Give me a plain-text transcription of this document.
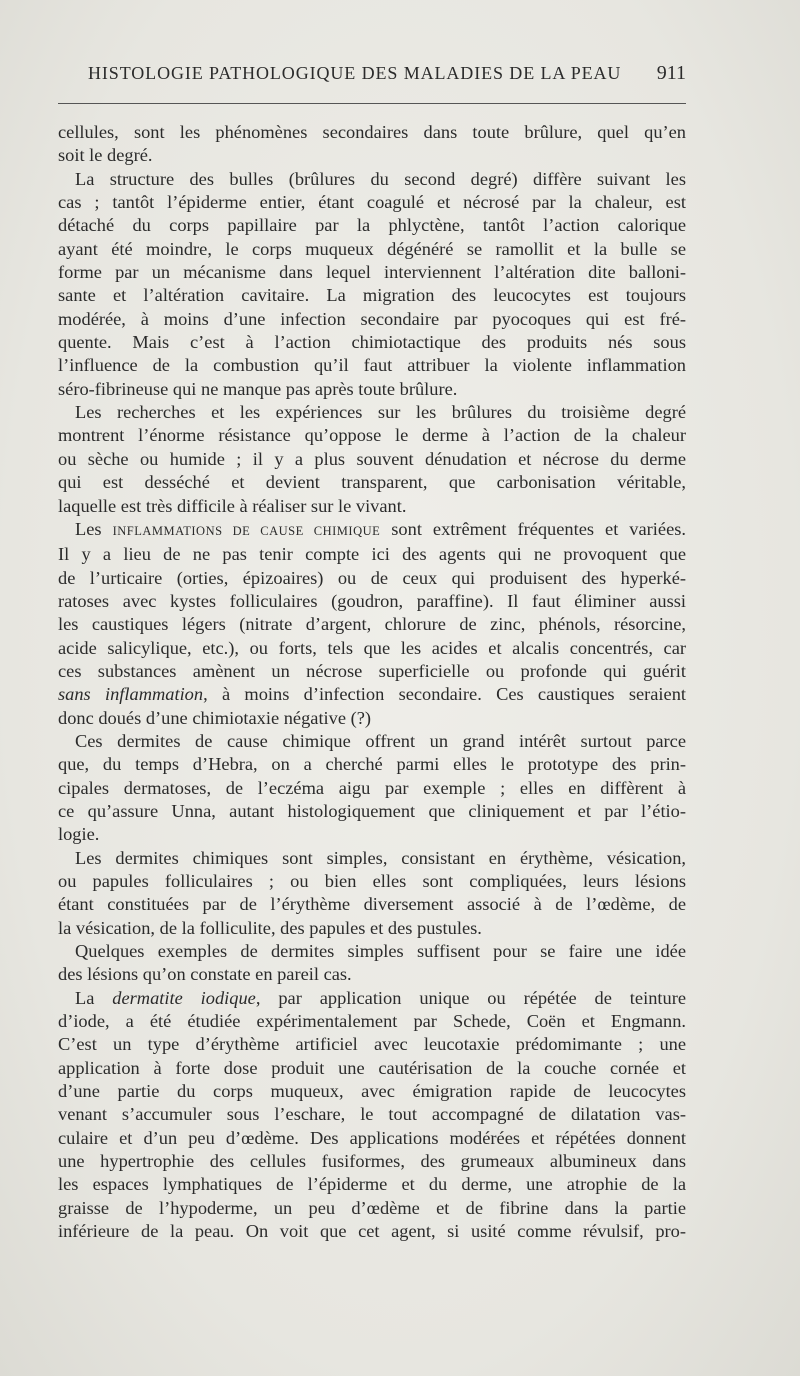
HISTOLOGIE PATHOLOGIQUE DES MALADIES DE LA PEAU 911
cellules, sont les phénomènes secondaires dans toute brûlure, quel qu’en
soit le degré.
La structure des bulles (brûlures du second degré) diffère suivant les
cas ; tantôt l’épiderme entier, étant coagulé et nécrosé par la chaleur, est
détaché du corps papillaire par la phlyctène, tantôt l’action calorique
ayant été moindre, le corps muqueux dégénéré se ramollit et la bulle se
forme par un mécanisme dans lequel interviennent l’altération dite balloni-
sante et l’altération cavitaire. La migration des leucocytes est toujours
modérée, à moins d’une infection secondaire par pyocoques qui est fré-
quente. Mais c’est à l’action chimiotactique des produits nés sous
l’influence de la combustion qu’il faut attribuer la violente inflammation
séro-fibrineuse qui ne manque pas après toute brûlure.
Les recherches et les expériences sur les brûlures du troisième degré
montrent l’énorme résistance qu’oppose le derme à l’action de la chaleur
ou sèche ou humide ; il y a plus souvent dénudation et nécrose du derme
qui est desséché et devient transparent, que carbonisation véritable,
laquelle est très difficile à réaliser sur le vivant.
Les INFLAMMATIONS DE CAUSE CHIMIQUE sont extrêment fréquentes et variées.
Il y a lieu de ne pas tenir compte ici des agents qui ne provoquent que
de l’urticaire (orties, épizoaires) ou de ceux qui produisent des hyperké-
ratoses avec kystes folliculaires (goudron, paraffine). Il faut éliminer aussi
les caustiques légers (nitrate d’argent, chlorure de zinc, phénols, résorcine,
acide salicylique, etc.), ou forts, tels que les acides et alcalis concentrés, car
ces substances amènent un nécrose superficielle ou profonde qui guérit
sans inflammation, à moins d’infection secondaire. Ces caustiques seraient
donc doués d’une chimiotaxie négative (?)
Ces dermites de cause chimique offrent un grand intérêt surtout parce
que, du temps d’Hebra, on a cherché parmi elles le prototype des prin-
cipales dermatoses, de l’eczéma aigu par exemple ; elles en diffèrent à
ce qu’assure Unna, autant histologiquement que cliniquement et par l’étio-
logie.
Les dermites chimiques sont simples, consistant en érythème, vésication,
ou papules folliculaires ; ou bien elles sont compliquées, leurs lésions
étant constituées par de l’érythème diversement associé à de l’œdème, de
la vésication, de la folliculite, des papules et des pustules.
Quelques exemples de dermites simples suffisent pour se faire une idée
des lésions qu’on constate en pareil cas.
La dermatite iodique, par application unique ou répétée de teinture
d’iode, a été étudiée expérimentalement par Schede, Coën et Engmann.
C’est un type d’érythème artificiel avec leucotaxie prédomimante ; une
application à forte dose produit une cautérisation de la couche cornée et
d’une partie du corps muqueux, avec émigration rapide de leucocytes
venant s’accumuler sous l’eschare, le tout accompagné de dilatation vas-
culaire et d’un peu d’œdème. Des applications modérées et répétées donnent
une hypertrophie des cellules fusiformes, des grumeaux albumineux dans
les espaces lymphatiques de l’épiderme et du derme, une atrophie de la
graisse de l’hypoderme, un peu d’œdème et de fibrine dans la partie
inférieure de la peau. On voit que cet agent, si usité comme révulsif, pro-
